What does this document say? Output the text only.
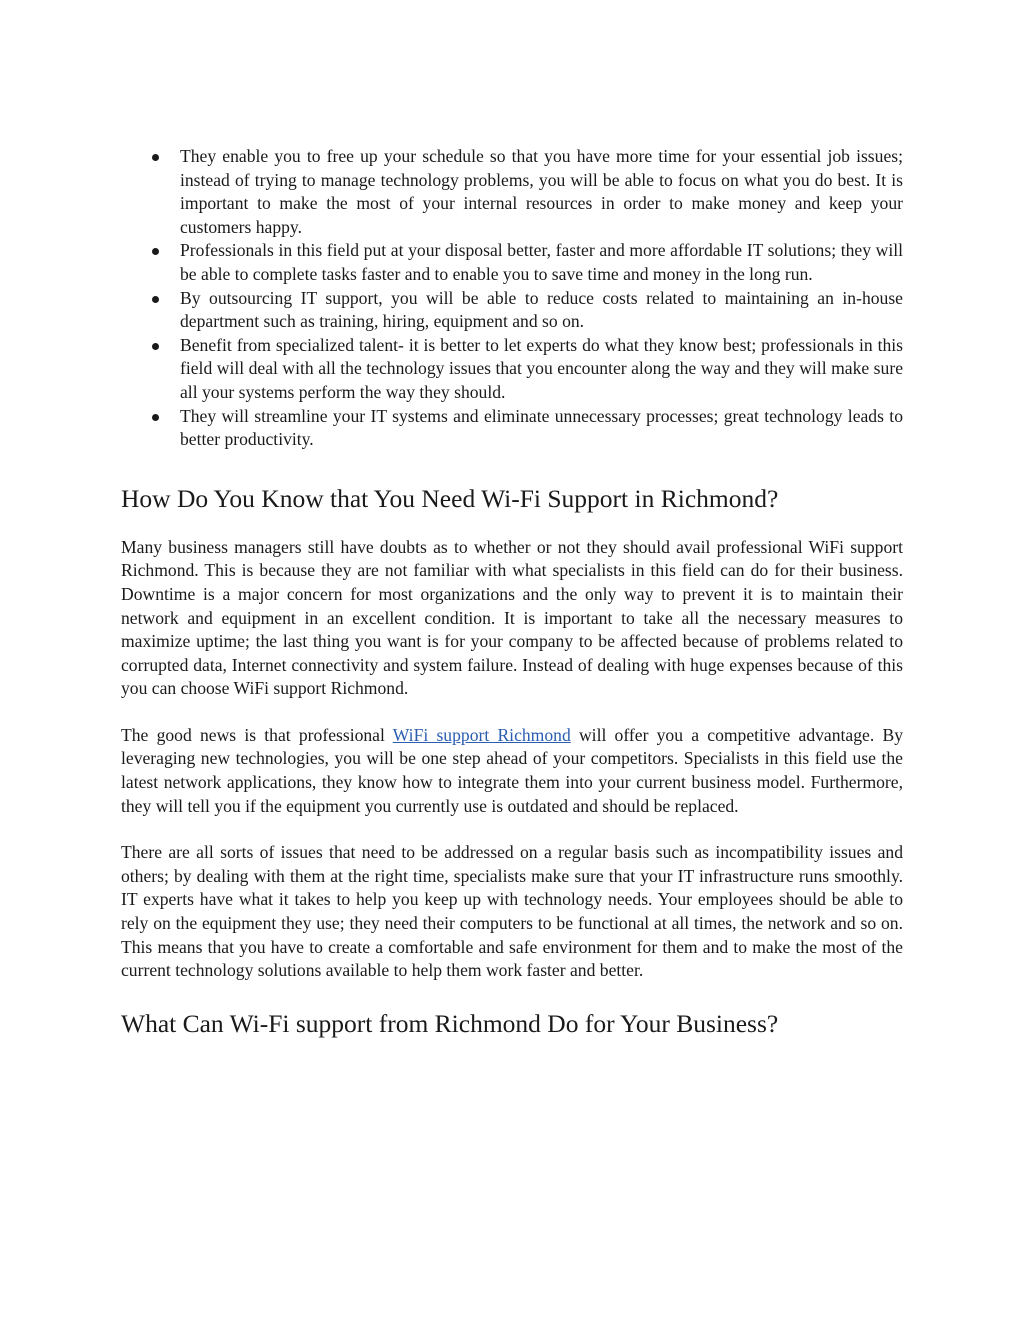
They enable you to free up your schedule so that you have more time for your essential job issues; instead of trying to manage technology problems, you will be able to focus on what you do best. It is important to make the most of your internal resources in order to make money and keep your customers happy.
Professionals in this field put at your disposal better, faster and more affordable IT solutions; they will be able to complete tasks faster and to enable you to save time and money in the long run.
By outsourcing IT support, you will be able to reduce costs related to maintaining an in-house department such as training, hiring, equipment and so on.
Benefit from specialized talent- it is better to let experts do what they know best; professionals in this field will deal with all the technology issues that you encounter along the way and they will make sure all your systems perform the way they should.
They will streamline your IT systems and eliminate unnecessary processes; great technology leads to better productivity.
How Do You Know that You Need Wi-Fi Support in Richmond?

Many business managers still have doubts as to whether or not they should avail professional WiFi support Richmond. This is because they are not familiar with what specialists in this field can do for their business. Downtime is a major concern for most organizations and the only way to prevent it is to maintain their network and equipment in an excellent condition. It is important to take all the necessary measures to maximize uptime; the last thing you want is for your company to be affected because of problems related to corrupted data, Internet connectivity and system failure. Instead of dealing with huge expenses because of this you can choose WiFi support Richmond.

The good news is that professional WiFi support Richmond will offer you a competitive advantage. By leveraging new technologies, you will be one step ahead of your competitors. Specialists in this field use the latest network applications, they know how to integrate them into your current business model. Furthermore, they will tell you if the equipment you currently use is outdated and should be replaced.

There are all sorts of issues that need to be addressed on a regular basis such as incompatibility issues and others; by dealing with them at the right time, specialists make sure that your IT infrastructure runs smoothly. IT experts have what it takes to help you keep up with technology needs. Your employees should be able to rely on the equipment they use; they need their computers to be functional at all times, the network and so on. This means that you have to create a comfortable and safe environment for them and to make the most of the current technology solutions available to help them work faster and better.

What Can Wi-Fi support from Richmond Do for Your Business?
